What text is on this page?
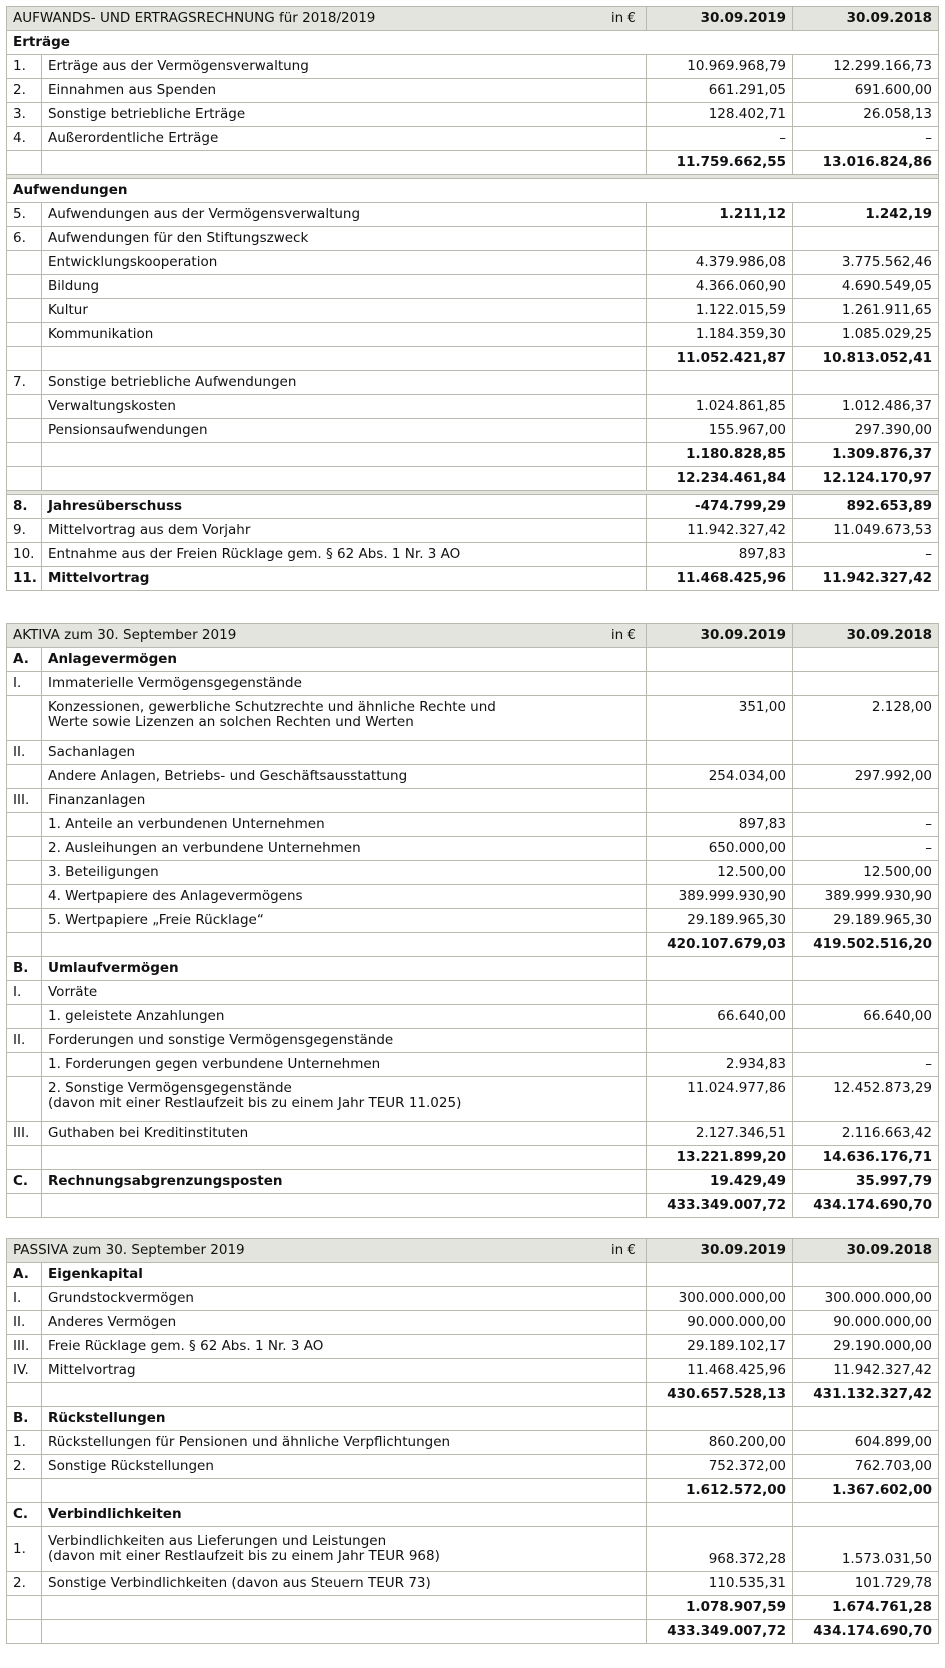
AUFWANDS- UND ERTRAGSRECHNUNG für 2018/2019 in €		30.09.2019	30.09.2018
Erträge			
1.	Erträge aus der Vermögensverwaltung	10.969.968,79	12.299.166,73
2.	Einnahmen aus Spenden	661.291,05	691.600,00
3.	Sonstige betriebliche Erträge	128.402,71	26.058,13
4.	Außerordentliche Erträge	–	–
		11.759.662,55	13.016.824,86

Aufwendungen			
5.	Aufwendungen aus der Vermögensverwaltung	1.211,12	1.242,19
6.	Aufwendungen für den Stiftungszweck		
	Entwicklungskooperation	4.379.986,08	3.775.562,46
	Bildung	4.366.060,90	4.690.549,05
	Kultur	1.122.015,59	1.261.911,65
	Kommunikation	1.184.359,30	1.085.029,25
		11.052.421,87	10.813.052,41
7.	Sonstige betriebliche Aufwendungen		
	Verwaltungskosten	1.024.861,85	1.012.486,37
	Pensionsaufwendungen	155.967,00	297.390,00
		1.180.828,85	1.309.876,37
		12.234.461,84	12.124.170,97

8.	Jahresüberschuss	-474.799,29	892.653,89
9.	Mittelvortrag aus dem Vorjahr	11.942.327,42	11.049.673,53
10.	Entnahme aus der Freien Rücklage gem. § 62 Abs. 1 Nr. 3 AO	897,83	–
11.	Mittelvortrag	11.468.425,96	11.942.327,42
AKTIVA zum 30. September 2019 in €		30.09.2019	30.09.2018
A.	Anlagevermögen		
I.	Immaterielle Vermögensgegenstände		
	Konzessionen, gewerbliche Schutzrechte und ähnliche Rechte und
Werte sowie Lizenzen an solchen Rechten und Werten	351,00	2.128,00
II.	Sachanlagen		
	Andere Anlagen, Betriebs- und Geschäftsausstattung	254.034,00	297.992,00
III.	Finanzanlagen		
	1. Anteile an verbundenen Unternehmen	897,83	–
	2. Ausleihungen an verbundene Unternehmen	650.000,00	–
	3. Beteiligungen	12.500,00	12.500,00
	4. Wertpapiere des Anlagevermögens	389.999.930,90	389.999.930,90
	5. Wertpapiere „Freie Rücklage“	29.189.965,30	29.189.965,30
		420.107.679,03	419.502.516,20
B.	Umlaufvermögen		
I.	Vorräte		
	1. geleistete Anzahlungen	66.640,00	66.640,00
II.	Forderungen und sonstige Vermögensgegenstände		
	1. Forderungen gegen verbundene Unternehmen	2.934,83	–
	2. Sonstige Vermögensgegenstände
(davon mit einer Restlaufzeit bis zu einem Jahr TEUR 11.025)	11.024.977,86	12.452.873,29
III.	Guthaben bei Kreditinstituten	2.127.346,51	2.116.663,42
		13.221.899,20	14.636.176,71
C.	Rechnungsabgrenzungsposten	19.429,49	35.997,79
		433.349.007,72	434.174.690,70
PASSIVA zum 30. September 2019 in €		30.09.2019	30.09.2018
A.	Eigenkapital		
I.	Grundstockvermögen	300.000.000,00	300.000.000,00
II.	Anderes Vermögen	90.000.000,00	90.000.000,00
III.	Freie Rücklage gem. § 62 Abs. 1 Nr. 3 AO	29.189.102,17	29.190.000,00
IV.	Mittelvortrag	11.468.425,96	11.942.327,42
		430.657.528,13	431.132.327,42
B.	Rückstellungen		
1.	Rückstellungen für Pensionen und ähnliche Verpflichtungen	860.200,00	604.899,00
2.	Sonstige Rückstellungen	752.372,00	762.703,00
		1.612.572,00	1.367.602,00
C.	Verbindlichkeiten		
1.	Verbindlichkeiten aus Lieferungen und Leistungen
(davon mit einer Restlaufzeit bis zu einem Jahr TEUR 968)	968.372,28	1.573.031,50
2.	Sonstige Verbindlichkeiten (davon aus Steuern TEUR 73)	110.535,31	101.729,78
		1.078.907,59	1.674.761,28
		433.349.007,72	434.174.690,70
